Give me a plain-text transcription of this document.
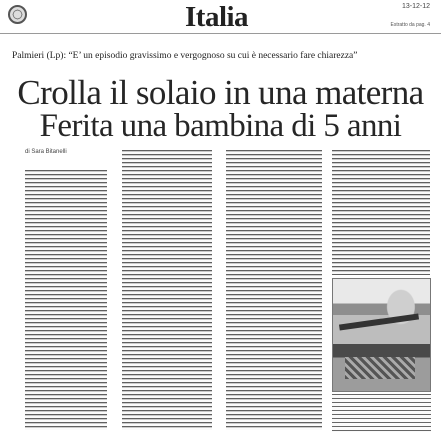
Italia	13-12-12
Estratto da pag. 4
Palmieri (Lp): “E’ un episodio gravissimo e vergognoso su cui è necessario fare chiarezza”
Crolla il solaio in una materna
Ferita una bambina di 5 anni
di Sara Bitanelli
